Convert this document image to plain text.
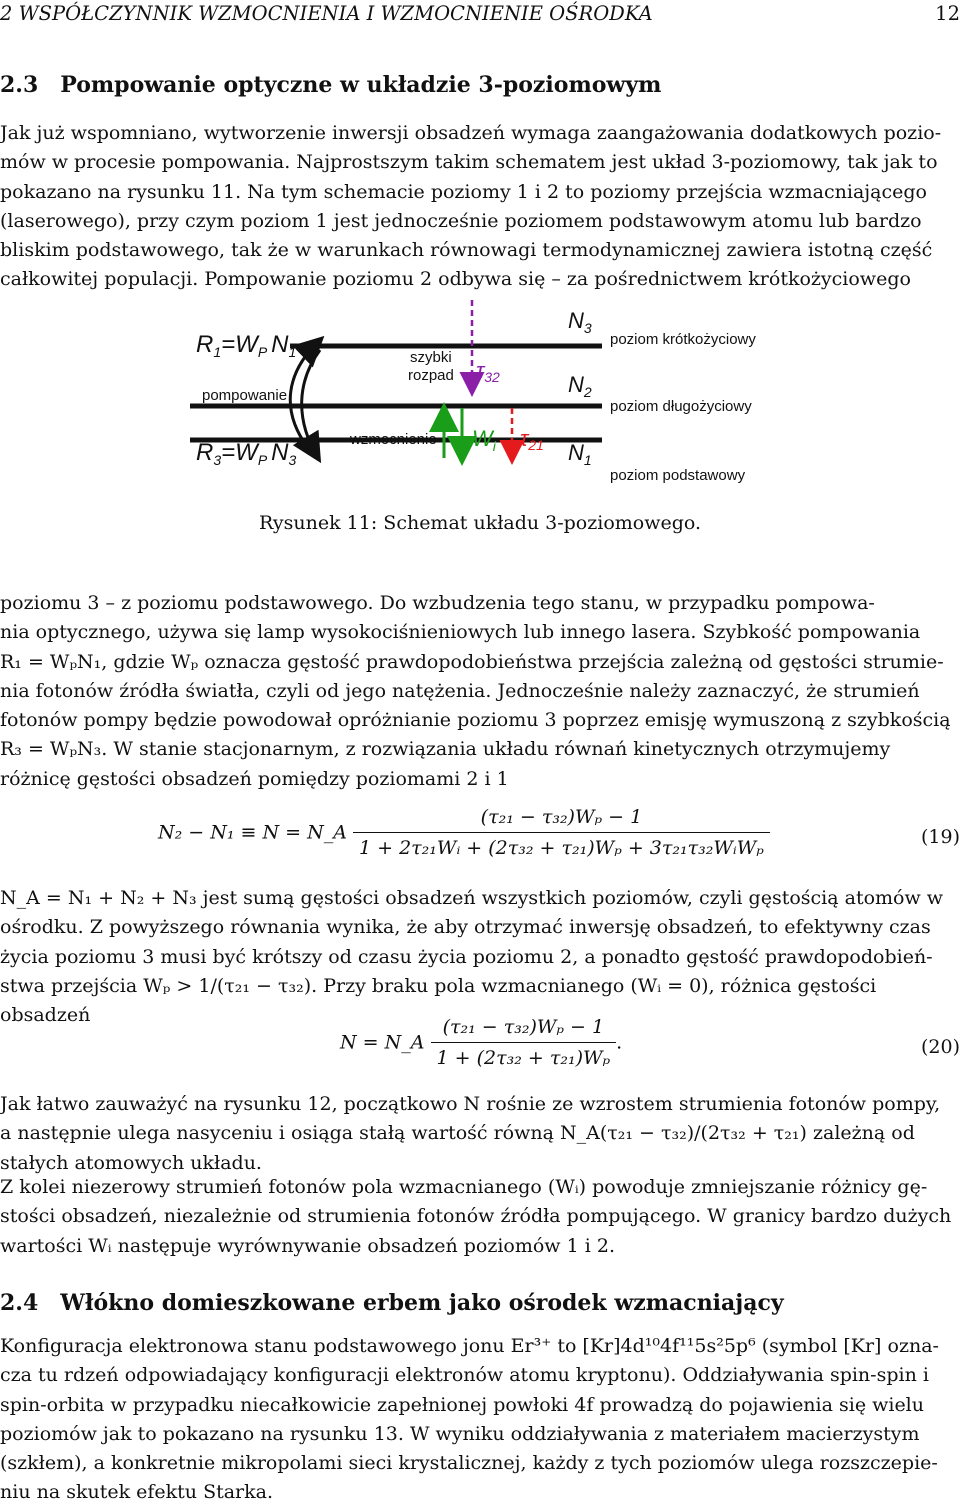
2 WSPÓŁCZYNNIK WZMOCNIENIA I WZMOCNIENIE OŚRODKA	12
2.3 Pompowanie optyczne w układzie 3-poziomowym
Jak już wspomniano, wytworzenie inwersji obsadzeń wymaga zaangażowania dodatkowych pozio-
mów w procesie pompowania. Najprostszym takim schematem jest układ 3-poziomowy, tak jak to
pokazano na rysunku 11. Na tym schemacie poziomy 1 i 2 to poziomy przejścia wzmacniającego
(laserowego), przy czym poziom 1 jest jednocześnie poziomem podstawowym atomu lub bardzo
bliskim podstawowego, tak że w warunkach równowagi termodynamicznej zawiera istotną część
całkowitej populacji. Pompowanie poziomu 2 odbywa się – za pośrednictwem krótkożyciowego
$R_1=W_P$ $N_1$
pompowanie
$R_3=W_P$ $N_3$
szybki
rozpad τ32
wzmocnienie $W_i$ τ21
$N_3$
$N_2$
$N_1$
poziom krótkożyciowy
poziom długożyciowy
poziom podstawowy
Rysunek 11: Schemat układu 3-poziomowego.
poziomu 3 – z poziomu podstawowego. Do wzbudzenia tego stanu, w przypadku pompowa-
nia optycznego, używa się lamp wysokociśnieniowych lub innego lasera. Szybkość pompowania
R₁ = WₚN₁, gdzie Wₚ oznacza gęstość prawdopodobieństwa przejścia zależną od gęstości strumie-
nia fotonów źródła światła, czyli od jego natężenia. Jednocześnie należy zaznaczyć, że strumień
fotonów pompy będzie powodował opróżnianie poziomu 3 poprzez emisję wymuszoną z szybkością
R₃ = WₚN₃. W stanie stacjonarnym, z rozwiązania układu równań kinetycznych otrzymujemy
różnicę gęstości obsadzeń pomiędzy poziomami 2 i 1
N₂ − N₁ ≡ N = N_A $\frac{\text{(τ₂₁ − τ₃₂)Wₚ − 1}}{\text{1 + 2τ₂₁Wᵢ + (2τ₃₂ + τ₂₁)Wₚ + 3τ₂₁τ₃₂WᵢWₚ}}$	(19)
N_A = N₁ + N₂ + N₃ jest sumą gęstości obsadzeń wszystkich poziomów, czyli gęstością atomów w
ośrodku. Z powyższego równania wynika, że aby otrzymać inwersję obsadzeń, to efektywny czas
życia poziomu 3 musi być krótszy od czasu życia poziomu 2, a ponadto gęstość prawdopodobień-
stwa przejścia Wₚ > 1/(τ₂₁ − τ₃₂). Przy braku pola wzmacnianego (Wᵢ = 0), różnica gęstości
obsadzeń
N = N_A $\frac{\text{(τ₂₁ − τ₃₂)Wₚ − 1}}{\text{1 + (2τ₃₂ + τ₂₁)Wₚ}}$ .	(20)
Jak łatwo zauważyć na rysunku 12, początkowo N rośnie ze wzrostem strumienia fotonów pompy,
a następnie ulega nasyceniu i osiąga stałą wartość równą N_A(τ₂₁ − τ₃₂)/(2τ₃₂ + τ₂₁) zależną od
stałych atomowych układu.
Z kolei niezerowy strumień fotonów pola wzmacnianego (Wᵢ) powoduje zmniejszanie różnicy gę-
stości obsadzeń, niezależnie od strumienia fotonów źródła pompującego. W granicy bardzo dużych
wartości Wᵢ następuje wyrównywanie obsadzeń poziomów 1 i 2.
2.4 Włókno domieszkowane erbem jako ośrodek wzmacniający
Konfiguracja elektronowa stanu podstawowego jonu Er³⁺ to [Kr]4d¹⁰4f¹¹5s²5p⁶ (symbol [Kr] ozna-
cza tu rdzeń odpowiadający konfiguracji elektronów atomu kryptonu). Oddziaływania spin-spin i
spin-orbita w przypadku niecałkowicie zapełnionej powłoki 4f prowadzą do pojawienia się wielu
poziomów jak to pokazano na rysunku 13. W wyniku oddziaływania z materiałem macierzystym
(szkłem), a konkretnie mikropolami sieci krystalicznej, każdy z tych poziomów ulega rozszczepie-
niu na skutek efektu Starka.
